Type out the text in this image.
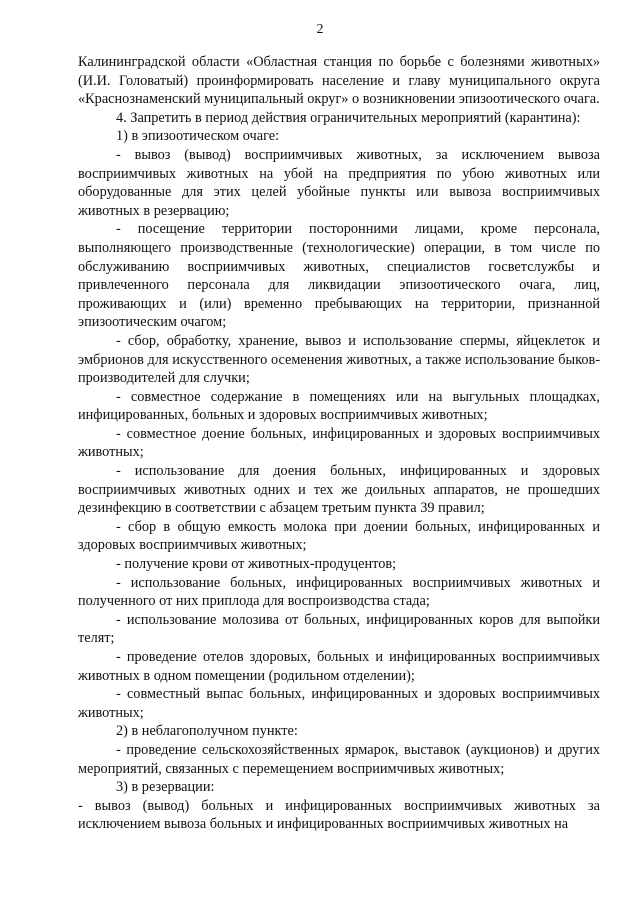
2

Калининградской области «Областная станция по борьбе с болезнями животных» (И.И. Головатый) проинформировать население и главу муниципального округа «Краснознаменский муниципальный округ» о возникновении эпизоотического очага.

4. Запретить в период действия ограничительных мероприятий (карантина):

1) в эпизоотическом очаге:

- вывоз (вывод) восприимчивых животных, за исключением вывоза восприимчивых животных на убой на предприятия по убою животных или оборудованные для этих целей убойные пункты или вывоза восприимчивых животных в резервацию;

- посещение территории посторонними лицами, кроме персонала, выполняющего производственные (технологические) операции, в том числе по обслуживанию восприимчивых животных, специалистов госветслужбы и привлеченного персонала для ликвидации эпизоотического очага, лиц, проживающих и (или) временно пребывающих на территории, признанной эпизоотическим очагом;

- сбор, обработку, хранение, вывоз и использование спермы, яйцеклеток и эмбрионов для искусственного осеменения животных, а также использование быков-производителей для случки;

- совместное содержание в помещениях или на выгульных площадках, инфицированных, больных и здоровых восприимчивых животных;

- совместное доение больных, инфицированных и здоровых восприимчивых животных;

- использование для доения больных, инфицированных и здоровых восприимчивых животных одних и тех же доильных аппаратов, не прошедших дезинфекцию в соответствии с абзацем третьим пункта 39 правил;

- сбор в общую емкость молока при доении больных, инфицированных и здоровых восприимчивых животных;

- получение крови от животных-продуцентов;

- использование больных, инфицированных восприимчивых животных и полученного от них приплода для воспроизводства стада;

- использование молозива от больных, инфицированных коров для выпойки телят;

- проведение отелов здоровых, больных и инфицированных восприимчивых животных в одном помещении (родильном отделении);

- совместный выпас больных, инфицированных и здоровых восприимчивых животных;

2) в неблагополучном пункте:

- проведение сельскохозяйственных ярмарок, выставок (аукционов) и других мероприятий, связанных с перемещением восприимчивых животных;

3) в резервации:

- вывоз (вывод) больных и инфицированных восприимчивых животных за исключением вывоза больных и инфицированных восприимчивых животных на
